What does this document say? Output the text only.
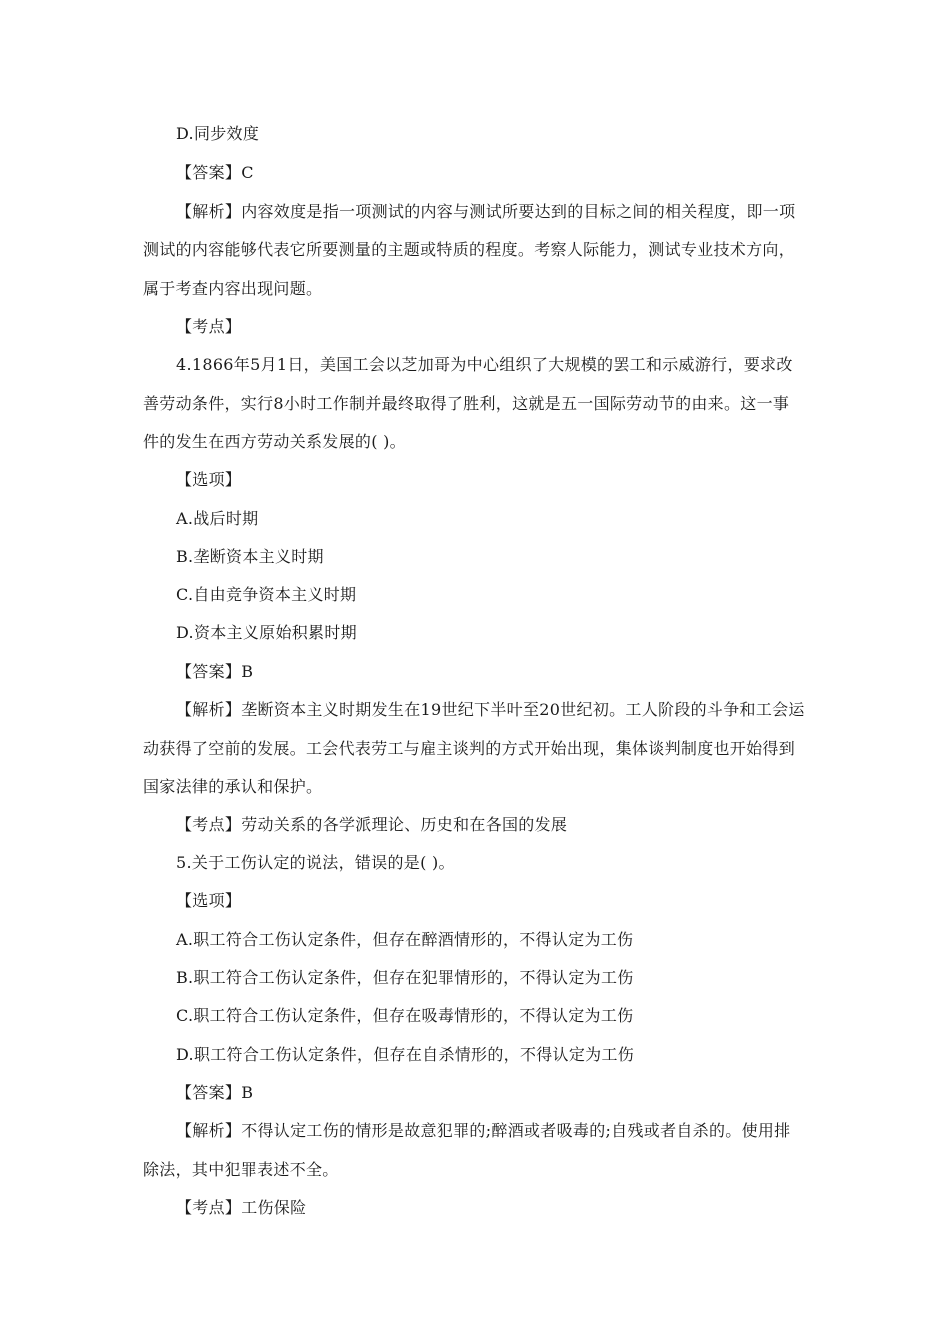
D.同步效度
【答案】C
【解析】内容效度是指一项测试的内容与测试所要达到的目标之间的相关程度，即一项
测试的内容能够代表它所要测量的主题或特质的程度。考察人际能力，测试专业技术方向，
属于考查内容出现问题。
【考点】
4.1866年5月1日，美国工会以芝加哥为中心组织了大规模的罢工和示威游行，要求改
善劳动条件，实行8小时工作制并最终取得了胜利，这就是五一国际劳动节的由来。这一事
件的发生在西方劳动关系发展的( )。
【选项】
A.战后时期
B.垄断资本主义时期
C.自由竞争资本主义时期
D.资本主义原始积累时期
【答案】B
【解析】垄断资本主义时期发生在19世纪下半叶至20世纪初。工人阶段的斗争和工会运
动获得了空前的发展。工会代表劳工与雇主谈判的方式开始出现，集体谈判制度也开始得到
国家法律的承认和保护。
【考点】劳动关系的各学派理论、历史和在各国的发展
5.关于工伤认定的说法，错误的是( )。
【选项】
A.职工符合工伤认定条件，但存在醉酒情形的，不得认定为工伤
B.职工符合工伤认定条件，但存在犯罪情形的，不得认定为工伤
C.职工符合工伤认定条件，但存在吸毒情形的，不得认定为工伤
D.职工符合工伤认定条件，但存在自杀情形的，不得认定为工伤
【答案】B
【解析】不得认定工伤的情形是故意犯罪的;醉酒或者吸毒的;自残或者自杀的。使用排
除法，其中犯罪表述不全。
【考点】工伤保险
